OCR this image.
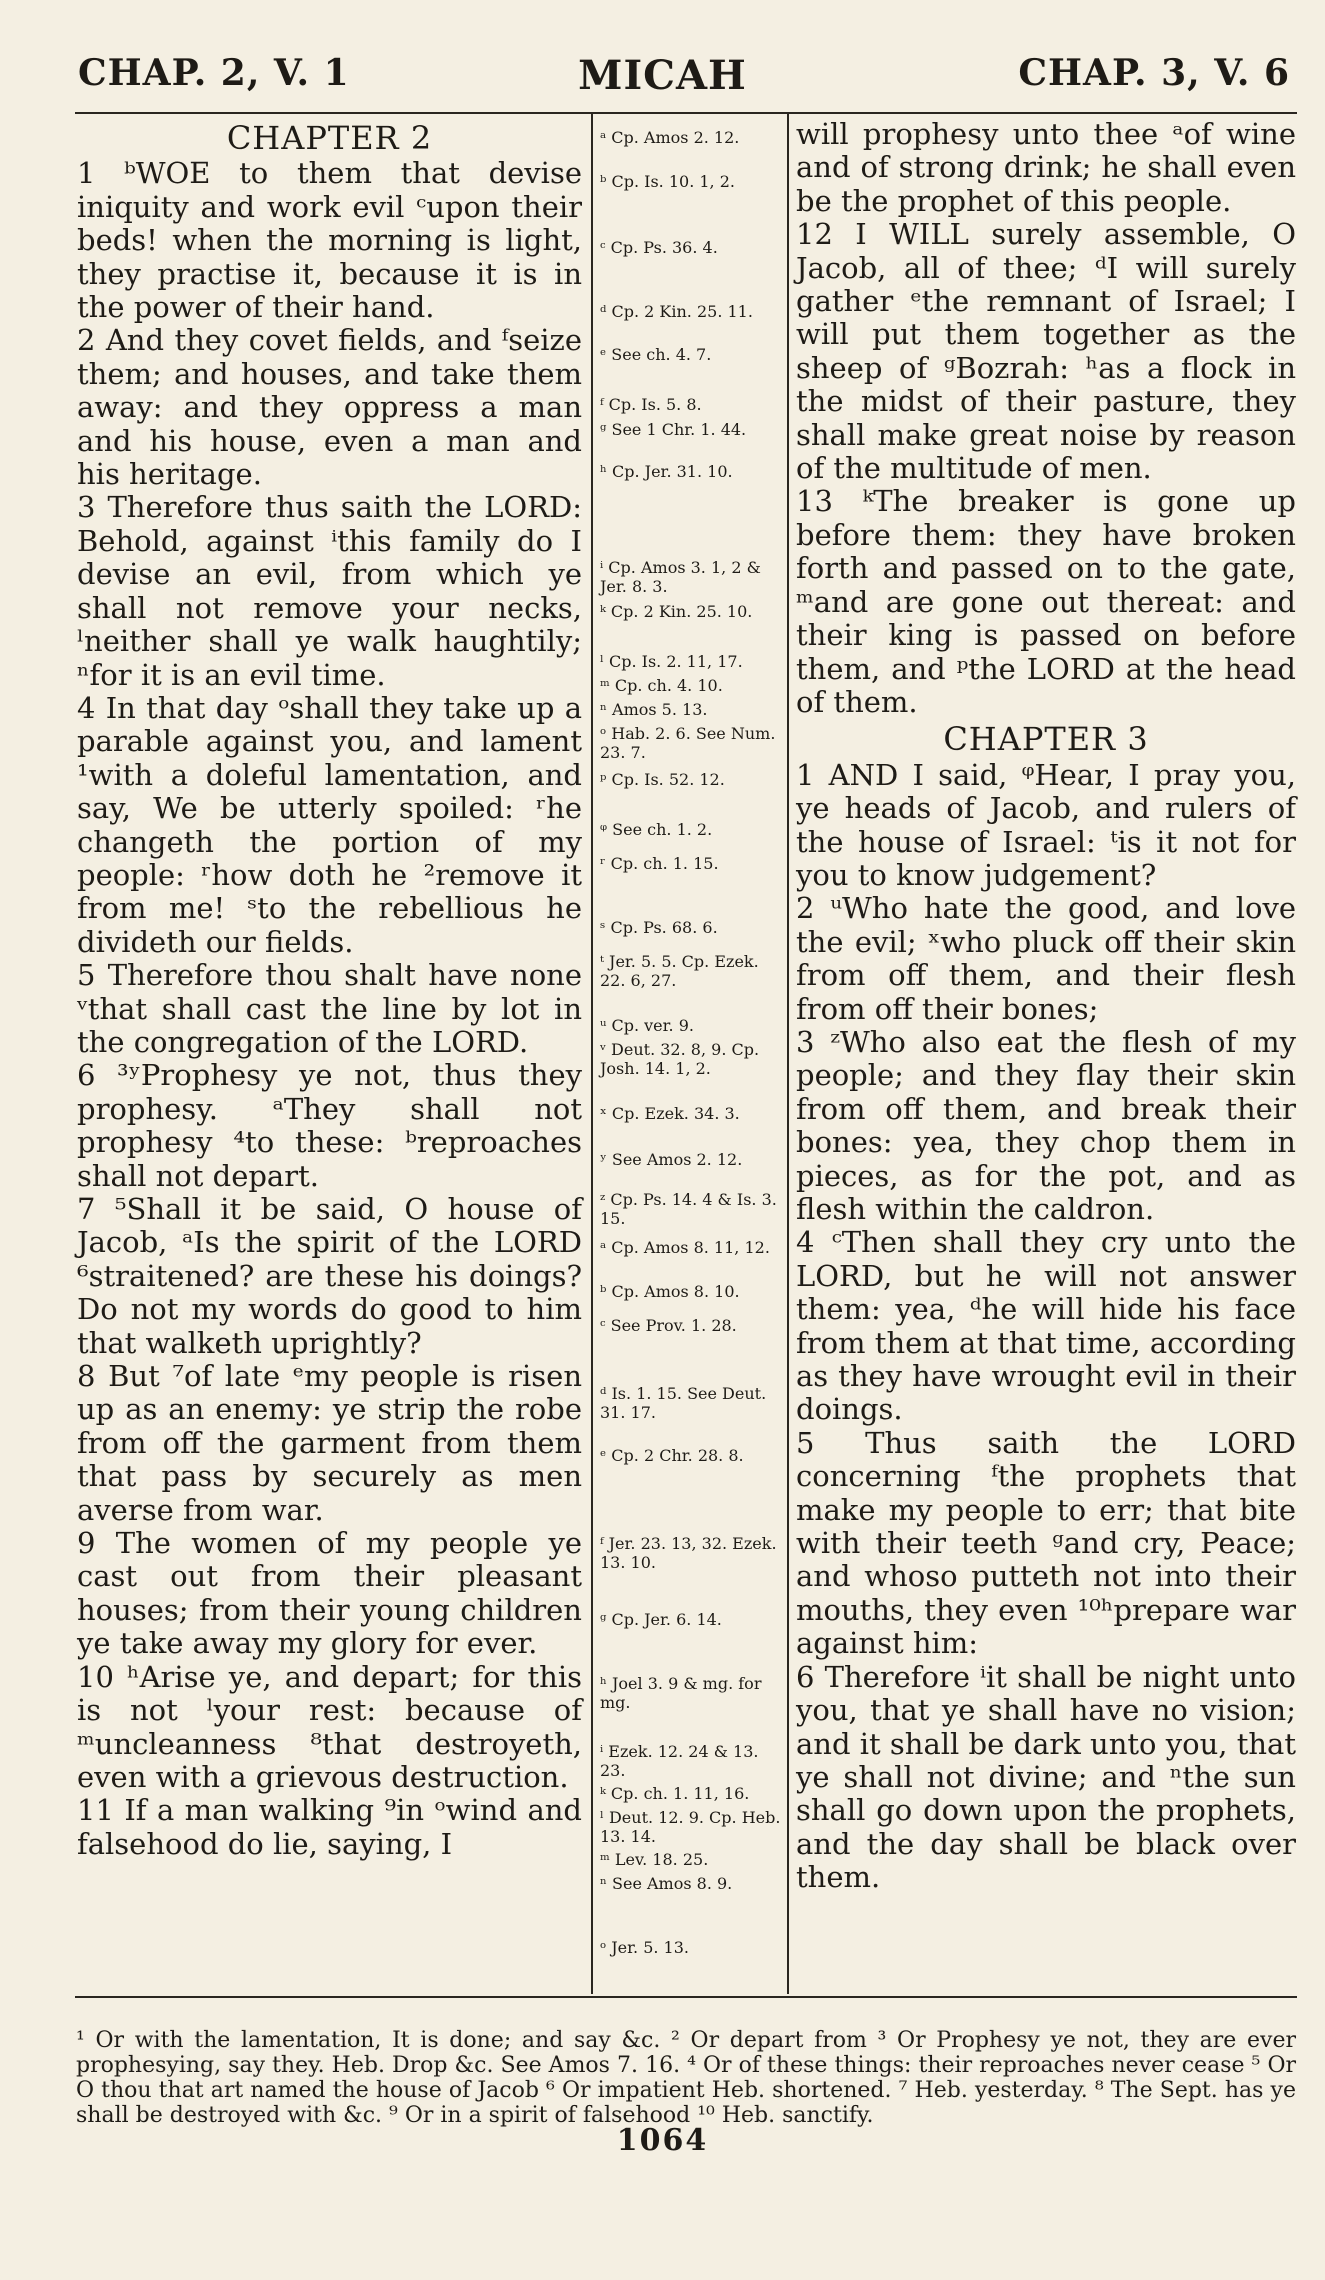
CHAP. 2, V. 1	MICAH	CHAP. 3, V. 6
CHAPTER 2

1 ᵇWOE to them that devise iniquity and work evil ᶜupon their beds! when the morning is light, they practise it, because it is in the power of their hand.

2 And they covet fields, and ᶠseize them; and houses, and take them away: and they oppress a man and his house, even a man and his heritage.

3 Therefore thus saith the LORD: Behold, against ⁱthis family do I devise an evil, from which ye shall not remove your necks, ˡneither shall ye walk haughtily; ⁿfor it is an evil time.

4 In that day ᵒshall they take up a parable against you, and lament ¹with a doleful lamentation, and say, We be utterly spoiled: ʳhe changeth the portion of my people: ʳhow doth he ²remove it from me! ˢto the rebellious he divideth our fields.

5 Therefore thou shalt have none ᵛthat shall cast the line by lot in the congregation of the LORD.

6 ³ʸProphesy ye not, thus they prophesy. ᵃThey shall not prophesy ⁴to these: ᵇreproaches shall not depart.

7 ⁵Shall it be said, O house of Jacob, ᵃIs the spirit of the LORD ⁶straitened? are these his doings? Do not my words do good to him that walketh uprightly?

8 But ⁷of late ᵉmy people is risen up as an enemy: ye strip the robe from off the garment from them that pass by securely as men averse from war.

9 The women of my people ye cast out from their pleasant houses; from their young children ye take away my glory for ever.

10 ʰArise ye, and depart; for this is not ˡyour rest: because of ᵐuncleanness ⁸that destroyeth, even with a grievous destruction.

11 If a man walking ⁹in ᵒwind and falsehood do lie, saying, I

ᵃ Cp. Amos 2. 12.
ᵇ Cp. Is. 10. 1, 2.
ᶜ Cp. Ps. 36. 4.
ᵈ Cp. 2 Kin. 25. 11.
ᵉ See ch. 4. 7.
ᶠ Cp. Is. 5. 8.
ᵍ See 1 Chr. 1. 44.
ʰ Cp. Jer. 31. 10.
ⁱ Cp. Amos 3. 1, 2 & Jer. 8. 3.
ᵏ Cp. 2 Kin. 25. 10.
ˡ Cp. Is. 2. 11, 17.
ᵐ Cp. ch. 4. 10.
ⁿ Amos 5. 13.
ᵒ Hab. 2. 6. See Num. 23. 7.
ᵖ Cp. Is. 52. 12.
ᵠ See ch. 1. 2.
ʳ Cp. ch. 1. 15.
ˢ Cp. Ps. 68. 6.
ᵗ Jer. 5. 5. Cp. Ezek. 22. 6, 27.
ᵘ Cp. ver. 9.
ᵛ Deut. 32. 8, 9. Cp. Josh. 14. 1, 2.
ˣ Cp. Ezek. 34. 3.
ʸ See Amos 2. 12.
ᶻ Cp. Ps. 14. 4 & Is. 3. 15.
ᵃ Cp. Amos 8. 11, 12.
ᵇ Cp. Amos 8. 10.
ᶜ See Prov. 1. 28.
ᵈ Is. 1. 15. See Deut. 31. 17.
ᵉ Cp. 2 Chr. 28. 8.
ᶠ Jer. 23. 13, 32. Ezek. 13. 10.
ᵍ Cp. Jer. 6. 14.
ʰ Joel 3. 9 & mg. for mg.
ⁱ Ezek. 12. 24 & 13. 23.
ᵏ Cp. ch. 1. 11, 16.
ˡ Deut. 12. 9. Cp. Heb. 13. 14.
ᵐ Lev. 18. 25.
ⁿ See Amos 8. 9.
ᵒ Jer. 5. 13.

will prophesy unto thee ᵃof wine and of strong drink; he shall even be the prophet of this people.

12 I WILL surely assemble, O Jacob, all of thee; ᵈI will surely gather ᵉthe remnant of Israel; I will put them together as the sheep of ᵍBozrah: ʰas a flock in the midst of their pasture, they shall make great noise by reason of the multitude of men.

13 ᵏThe breaker is gone up before them: they have broken forth and passed on to the gate, ᵐand are gone out thereat: and their king is passed on before them, and ᵖthe LORD at the head of them.

CHAPTER 3

1 AND I said, ᵠHear, I pray you, ye heads of Jacob, and rulers of the house of Israel: ᵗis it not for you to know judgement?

2 ᵘWho hate the good, and love the evil; ˣwho pluck off their skin from off them, and their flesh from off their bones;

3 ᶻWho also eat the flesh of my people; and they flay their skin from off them, and break their bones: yea, they chop them in pieces, as for the pot, and as flesh within the caldron.

4 ᶜThen shall they cry unto the LORD, but he will not answer them: yea, ᵈhe will hide his face from them at that time, according as they have wrought evil in their doings.

5 Thus saith the LORD concerning ᶠthe prophets that make my people to err; that bite with their teeth ᵍand cry, Peace; and whoso putteth not into their mouths, they even ¹⁰ʰprepare war against him:

6 Therefore ⁱit shall be night unto you, that ye shall have no vision; and it shall be dark unto you, that ye shall not divine; and ⁿthe sun shall go down upon the prophets, and the day shall be black over them.

¹ Or with the lamentation, It is done; and say &c. ² Or depart from ³ Or Prophesy ye not, they are ever prophesying, say they. Heb. Drop &c. See Amos 7. 16. ⁴ Or of these things: their reproaches never cease ⁵ Or O thou that art named the house of Jacob ⁶ Or impatient Heb. shortened. ⁷ Heb. yesterday. ⁸ The Sept. has ye shall be destroyed with &c. ⁹ Or in a spirit of falsehood ¹⁰ Heb. sanctify.
1064
